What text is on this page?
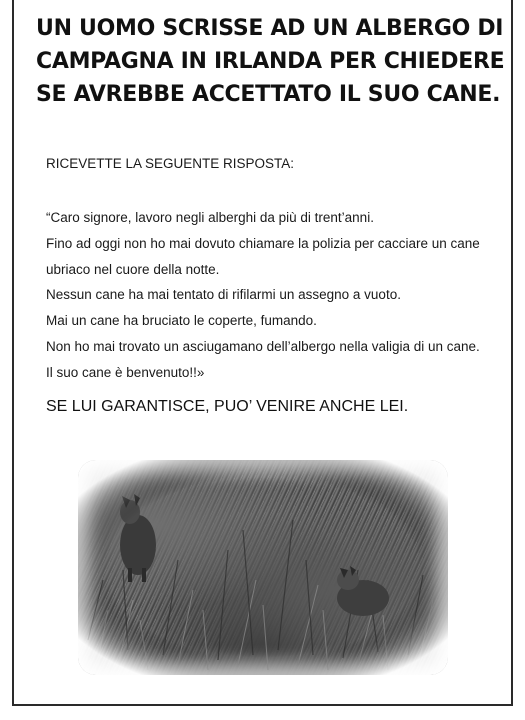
UN UOMO SCRISSE AD UN ALBERGO DI
CAMPAGNA IN IRLANDA PER CHIEDERE
SE AVREBBE ACCETTATO IL SUO CANE.

RICEVETTE LA SEGUENTE RISPOSTA:

“Caro signore, lavoro negli alberghi da più di trent’anni.
Fino ad oggi non ho mai dovuto chiamare la polizia per cacciare un cane
ubriaco nel cuore della notte.
Nessun cane ha mai tentato di rifilarmi un assegno a vuoto.
Mai un cane ha bruciato le coperte, fumando.
Non ho mai trovato un asciugamano dell’albergo nella valigia di un cane.
Il suo cane è benvenuto!!»

SE LUI GARANTISCE, PUO’ VENIRE ANCHE LEI.
